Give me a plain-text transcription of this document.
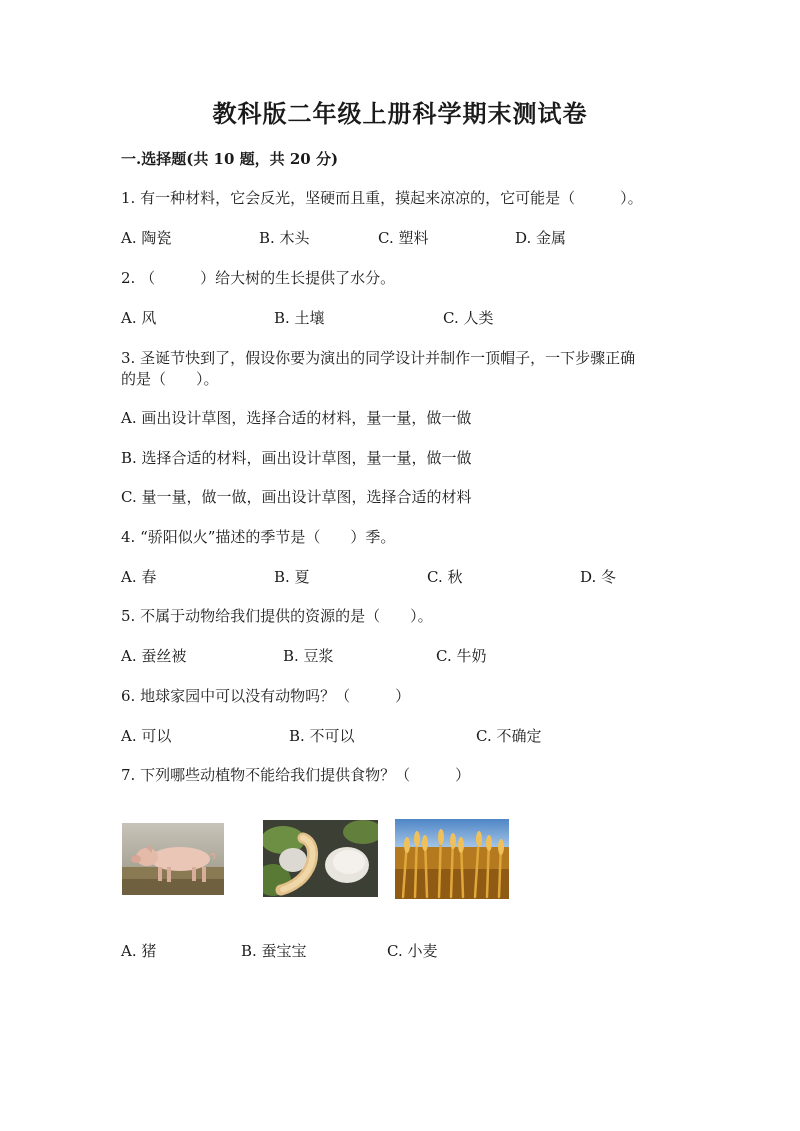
教科版二年级上册科学期末测试卷
一.选择题(共 10 题，共 20 分)
1. 有一种材料，它会反光，坚硬而且重，摸起来凉凉的，它可能是（　　　）。
A. 陶瓷	B. 木头	C. 塑料	D. 金属
2. （　　　）给大树的生长提供了水分。
A. 风	B. 土壤	C. 人类
3. 圣诞节快到了，假设你要为演出的同学设计并制作一顶帽子，一下步骤正确
的是（　　）。
A. 画出设计草图，选择合适的材料，量一量，做一做
B. 选择合适的材料，画出设计草图，量一量，做一做
C. 量一量，做一做，画出设计草图，选择合适的材料
4. “骄阳似火”描述的季节是（　　）季。
A. 春	B. 夏	C. 秋	D. 冬
5. 不属于动物给我们提供的资源的是（　　）。
A. 蚕丝被	B. 豆浆	C. 牛奶
6. 地球家园中可以没有动物吗？（　　　）
A. 可以	B. 不可以	C. 不确定
7. 下列哪些动植物不能给我们提供食物？（　　　）
A. 猪	B. 蚕宝宝	C. 小麦
